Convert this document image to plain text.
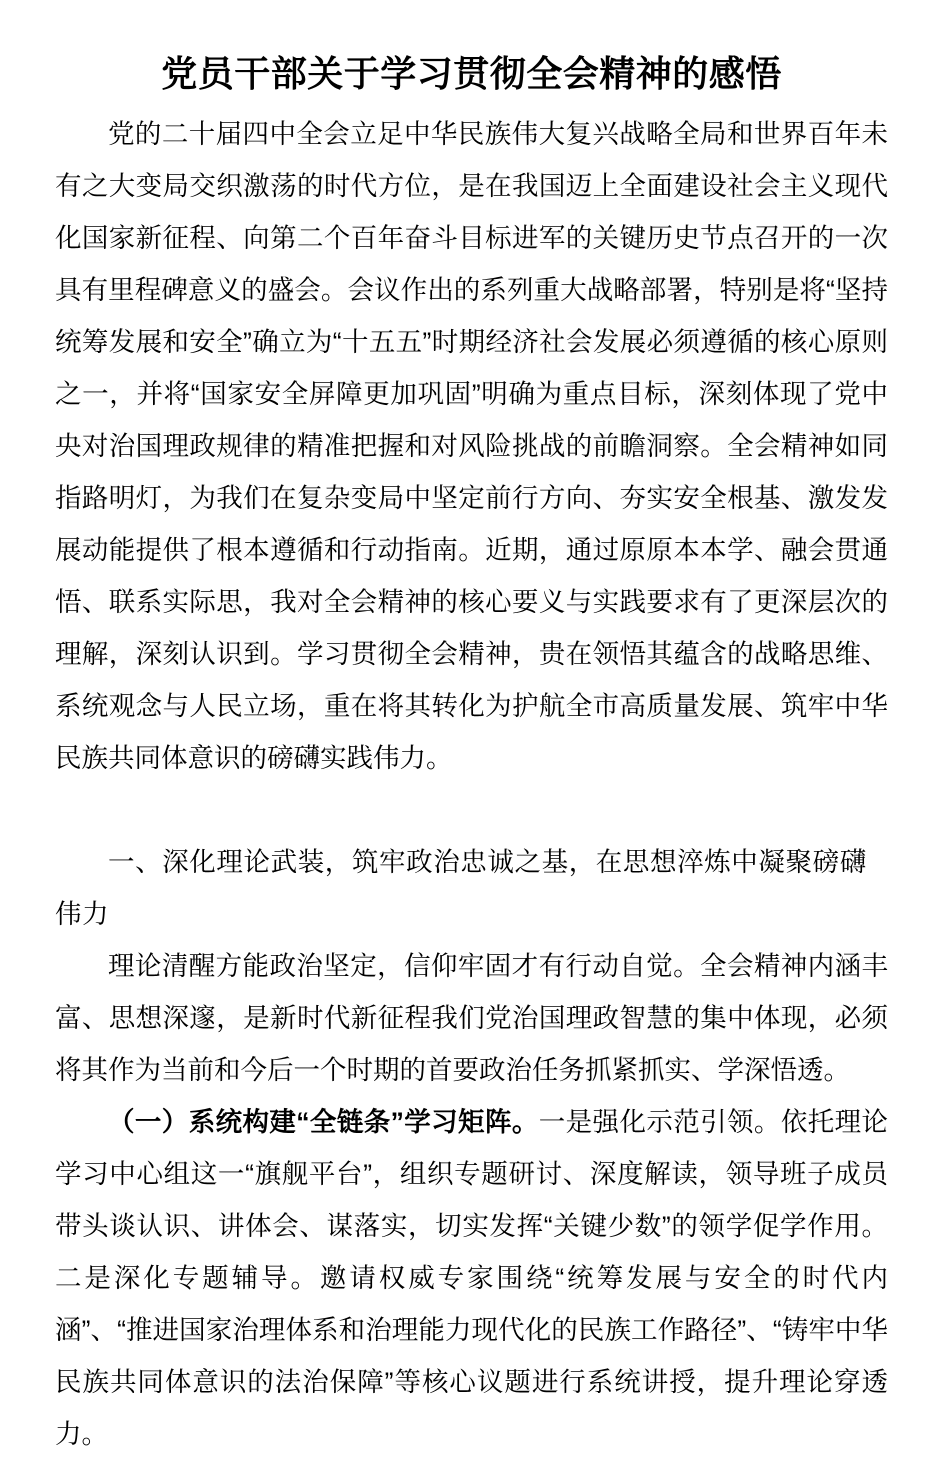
党员干部关于学习贯彻全会精神的感悟

党的二十届四中全会立足中华民族伟大复兴战略全局和世界百年未有之大变局交织激荡的时代方位，是在我国迈上全面建设社会主义现代化国家新征程、向第二个百年奋斗目标进军的关键历史节点召开的一次具有里程碑意义的盛会。会议作出的系列重大战略部署，特别是将“坚持统筹发展和安全”确立为“十五五”时期经济社会发展必须遵循的核心原则之一，并将“国家安全屏障更加巩固”明确为重点目标，深刻体现了党中央对治国理政规律的精准把握和对风险挑战的前瞻洞察。全会精神如同指路明灯，为我们在复杂变局中坚定前行方向、夯实安全根基、激发发展动能提供了根本遵循和行动指南。近期，通过原原本本学、融会贯通悟、联系实际思，我对全会精神的核心要义与实践要求有了更深层次的理解，深刻认识到。学习贯彻全会精神，贵在领悟其蕴含的战略思维、系统观念与人民立场，重在将其转化为护航全市高质量发展、筑牢中华民族共同体意识的磅礴实践伟力。

一、深化理论武装，筑牢政治忠诚之基，在思想淬炼中凝聚磅礴伟力

理论清醒方能政治坚定，信仰牢固才有行动自觉。全会精神内涵丰富、思想深邃，是新时代新征程我们党治国理政智慧的集中体现，必须将其作为当前和今后一个时期的首要政治任务抓紧抓实、学深悟透。

（一）系统构建“全链条”学习矩阵。一是强化示范引领。依托理论学习中心组这一“旗舰平台”，组织专题研讨、深度解读，领导班子成员带头谈认识、讲体会、谋落实，切实发挥“关键少数”的领学促学作用。二是深化专题辅导。邀请权威专家围绕“统筹发展与安全的时代内涵”、“推进国家治理体系和治理能力现代化的民族工作路径”、“铸牢中华民族共同体意识的法治保障”等核心议题进行系统讲授，提升理论穿透力。
